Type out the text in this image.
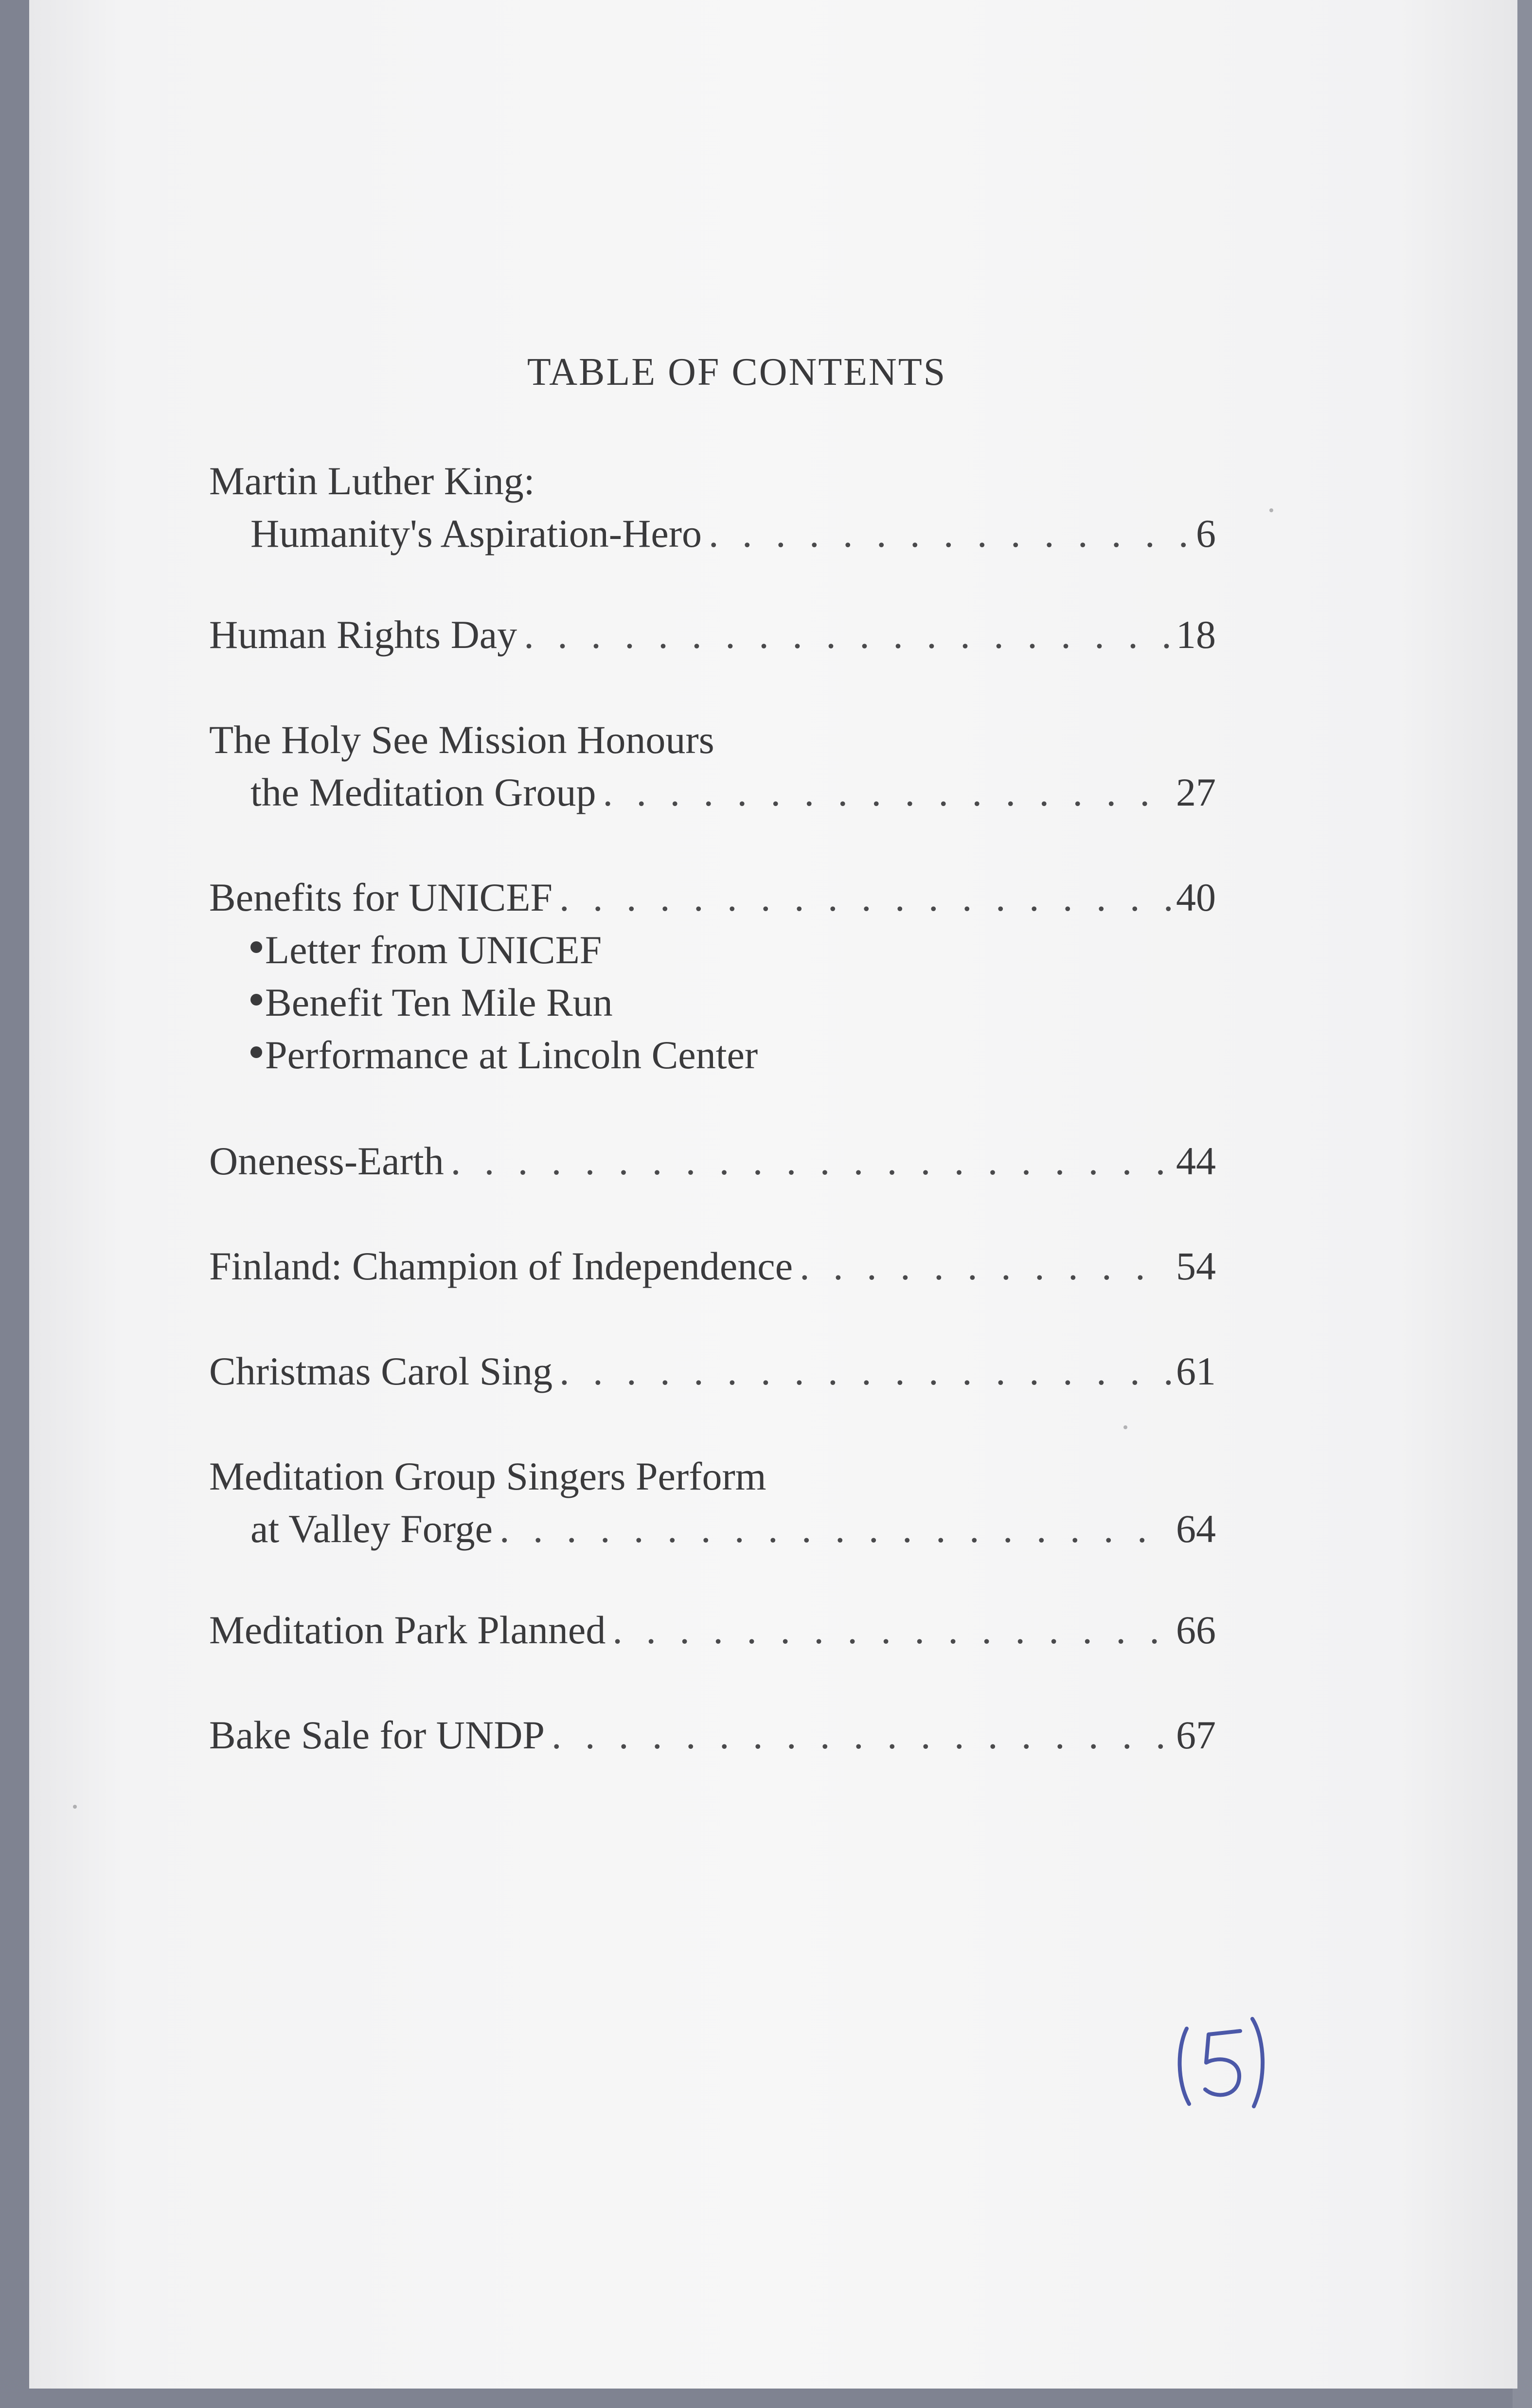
TABLE OF CONTENTS
Martin Luther King:
Humanity's Aspiration-Hero . . .	6
Human Rights Day . . .	18
The Holy See Mission Honours
the Meditation Group . . .	27
Benefits for UNICEF . . .	40
Letter from UNICEF
Benefit Ten Mile Run
Performance at Lincoln Center
Oneness-Earth . . .	44
Finland: Champion of Independence . . .	54
Christmas Carol Sing . . .	61
Meditation Group Singers Perform
at Valley Forge . . .	64
Meditation Park Planned . . .	66
Bake Sale for UNDP . . .	67
